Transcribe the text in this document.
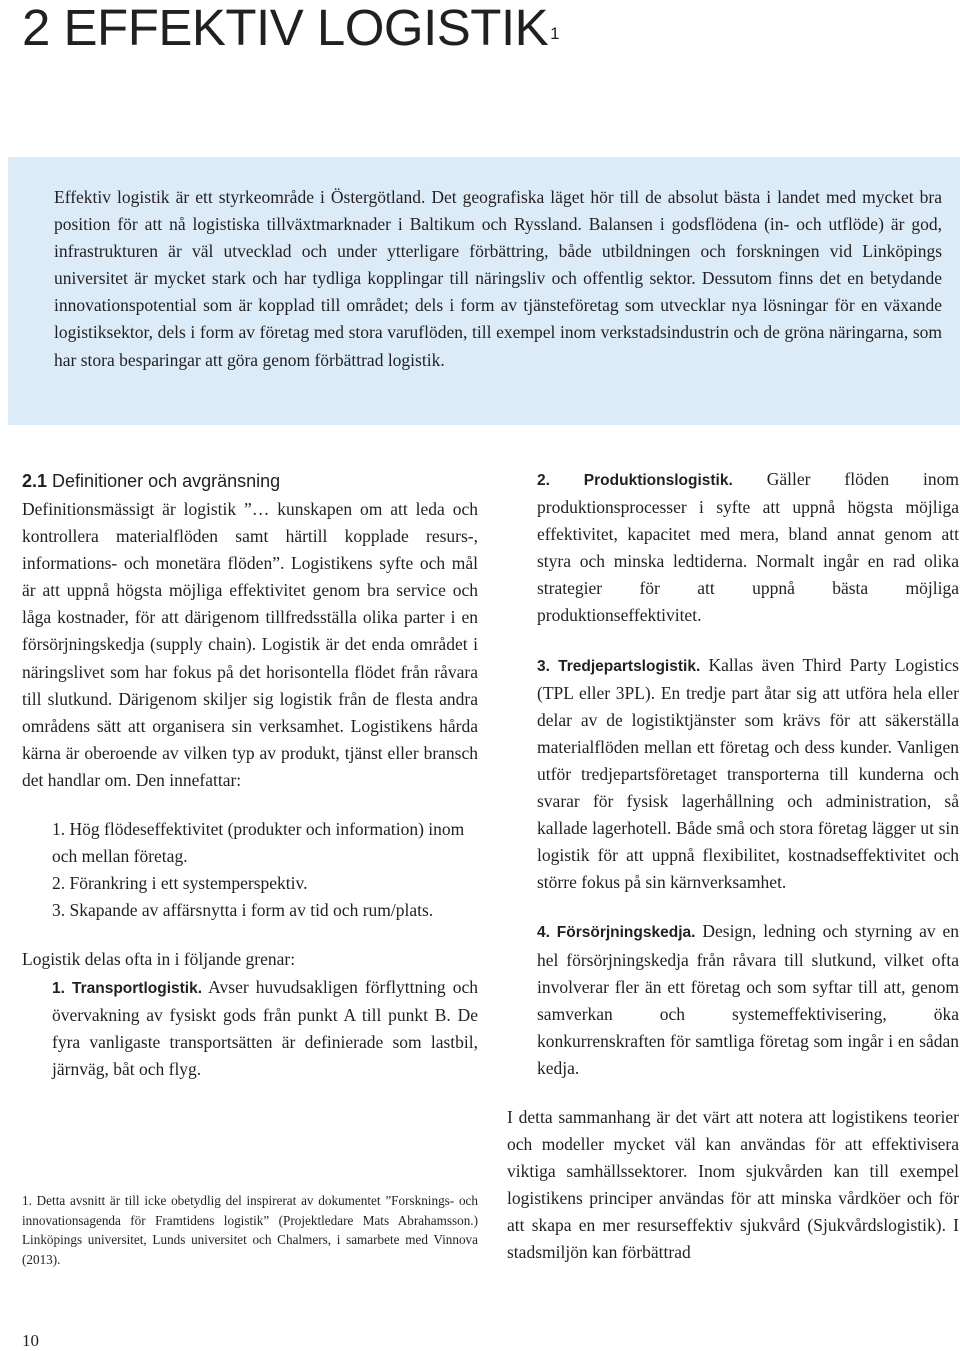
2 EFFEKTIV LOGISTIK $^1$

Effektiv logistik är ett styrkeområde i Östergötland. Det geografiska läget hör till de absolut bästa i landet med mycket bra position för att nå logistiska tillväxtmarknader i Baltikum och Ryssland. Balansen i godsflödena (in- och utflöde) är god, infrastrukturen är väl utvecklad och under ytterligare förbättring, både utbildningen och forskningen vid Linköpings universitet är mycket stark och har tydliga kopplingar till näringsliv och offentlig sektor. Dessutom finns det en betydande innovationspotential som är kopplad till området; dels i form av tjänsteföretag som utvecklar nya lösningar för en växande logistiksektor, dels i form av företag med stora varuflöden, till exempel inom verkstadsindustrin och de gröna näringarna, som har stora besparingar att göra genom förbättrad logistik.

2.1 Definitioner och avgränsning

Definitionsmässigt är logistik ”… kunskapen om att leda och kontrollera materialflöden samt härtill kopplade resurs-, informations- och monetära flöden”. Logistikens syfte och mål är att uppnå högsta möjliga effektivitet genom bra service och låga kostnader, för att därigenom tillfredsställa olika parter i en försörjningskedja (supply chain). Logistik är det enda området i näringslivet som har fokus på det horisontella flödet från råvara till slutkund. Därigenom skiljer sig logistik från de flesta andra områdens sätt att organisera sin verksamhet. Logistikens hårda kärna är oberoende av vilken typ av produkt, tjänst eller bransch det handlar om. Den innefattar:

1. Hög flödeseffektivitet (produkter och information) inom och mellan företag.
2. Förankring i ett systemperspektiv.
3. Skapande av affärsnytta i form av tid och rum/plats.

Logistik delas ofta in i följande grenar:

1. Transportlogistik. Avser huvudsakligen förflyttning och övervakning av fysiskt gods från punkt A till punkt B. De fyra vanligaste transportsätten är definierade som lastbil, järnväg, båt och flyg.

2. Produktionslogistik. Gäller flöden inom produktionsprocesser i syfte att uppnå högsta möjliga effektivitet, kapacitet med mera, bland annat genom att styra och minska ledtiderna. Normalt ingår en rad olika strategier för att uppnå bästa möjliga produktionseffektivitet.

3. Tredjepartslogistik. Kallas även Third Party Logistics (TPL eller 3PL). En tredje part åtar sig att utföra hela eller delar av de logistiktjänster som krävs för att säkerställa materialflöden mellan ett företag och dess kunder. Vanligen utför tredjepartsföretaget transporterna till kunderna och svarar för fysisk lagerhållning och administration, så kallade lagerhotell. Både små och stora företag lägger ut sin logistik för att uppnå flexibilitet, kostnadseffektivitet och större fokus på sin kärnverksamhet.

4. Försörjningskedja. Design, ledning och styrning av en hel försörjningskedja från råvara till slutkund, vilket ofta involverar fler än ett företag och som syftar till att, genom samverkan och systemeffektivisering, öka konkurrenskraften för samtliga företag som ingår i en sådan kedja.

I detta sammanhang är det värt att notera att logistikens teorier och modeller mycket väl kan användas för att effektivisera viktiga samhällssektorer. Inom sjukvården kan till exempel logistikens principer användas för att minska vårdköer och för att skapa en mer resurseffektiv sjukvård (Sjukvårdslogistik). I stadsmiljön kan förbättrad

1. Detta avsnitt är till icke obetydlig del inspirerat av dokumentet ”Forsknings- och innovationsagenda för Framtidens logistik” (Projektledare Mats Abrahamsson.) Linköpings universitet, Lunds universitet och Chalmers, i samarbete med Vinnova (2013).

10
